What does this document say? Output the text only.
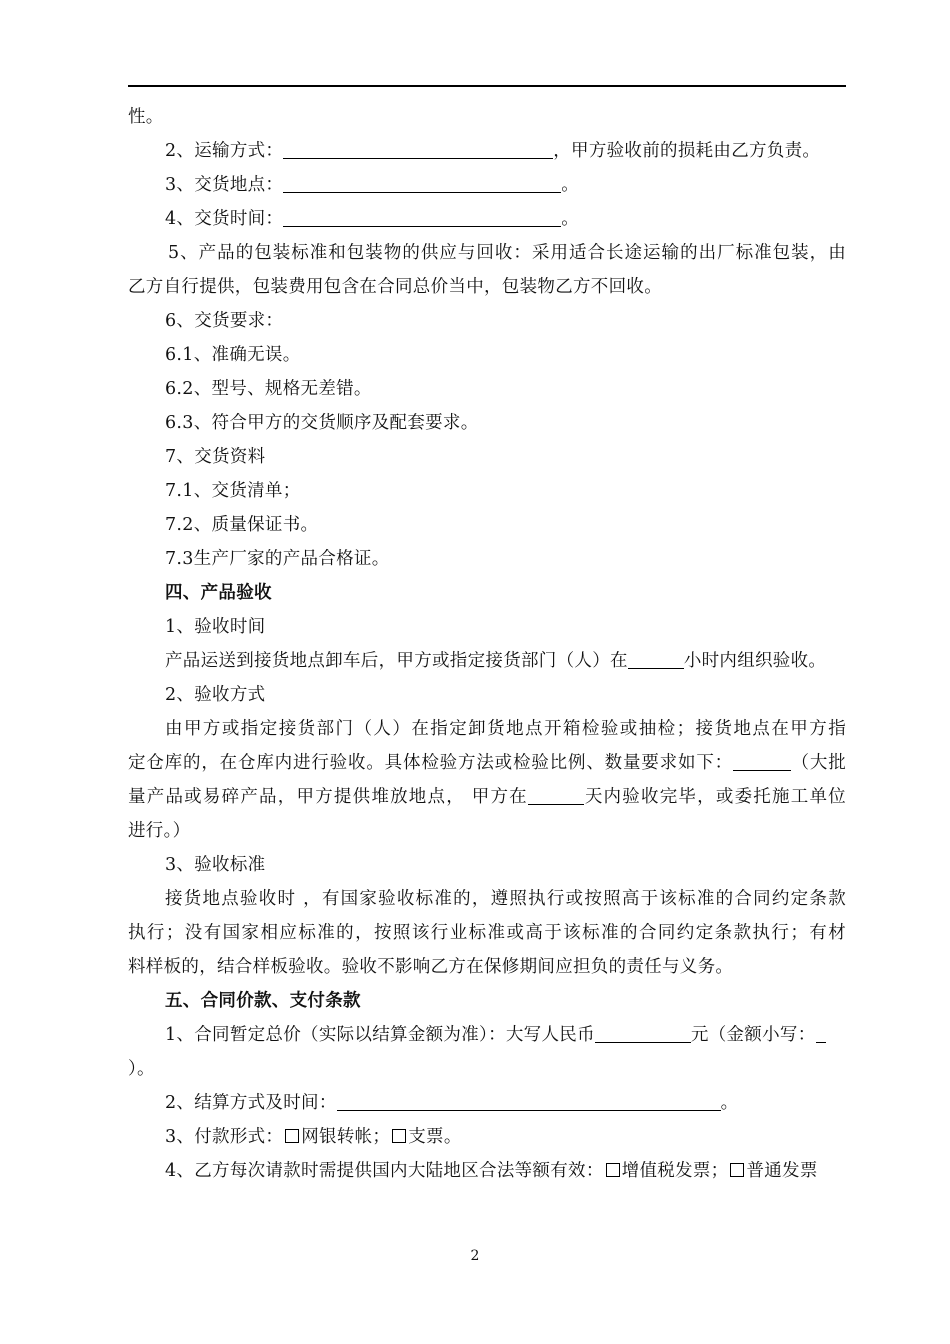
性。
2、运输方式：	，甲方验收前的损耗由乙方负责。
3、交货地点：	。
4、交货时间：	。
5、产品的包装标准和包装物的供应与回收：采用适合长途运输的出厂标准包装，由
乙方自行提供，包装费用包含在合同总价当中，包装物乙方不回收。
6、交货要求：
6.1、准确无误。
6.2、型号、规格无差错。
6.3、符合甲方的交货顺序及配套要求。
7、交货资料
7.1、交货清单；
7.2、质量保证书。
7.3生产厂家的产品合格证。
四、产品验收
1、验收时间
产品运送到接货地点卸车后，甲方或指定接货部门（人）在	小时内组织验收。
2、验收方式
由甲方或指定接货部门（人）在指定卸货地点开箱检验或抽检；接货地点在甲方指
定仓库的，在仓库内进行验收。具体检验方法或检验比例、数量要求如下：	（大批
量产品或易碎产品，甲方提供堆放地点， 甲方在	天内验收完毕，或委托施工单位
进行。）
3、验收标准
接货地点验收时 ，有国家验收标准的，遵照执行或按照高于该标准的合同约定条款
执行；没有国家相应标准的，按照该行业标准或高于该标准的合同约定条款执行；有材
料样板的，结合样板验收。验收不影响乙方在保修期间应担负的责任与义务。
五、合同价款、支付条款
1、合同暂定总价（实际以结算金额为准）：大写人民币	元（金额小写：
）。
2、结算方式及时间：	。
3、付款形式： 网银转帐； 支票。
4、乙方每次请款时需提供国内大陆地区合法等额有效： 增值税发票； 普通发票
2
